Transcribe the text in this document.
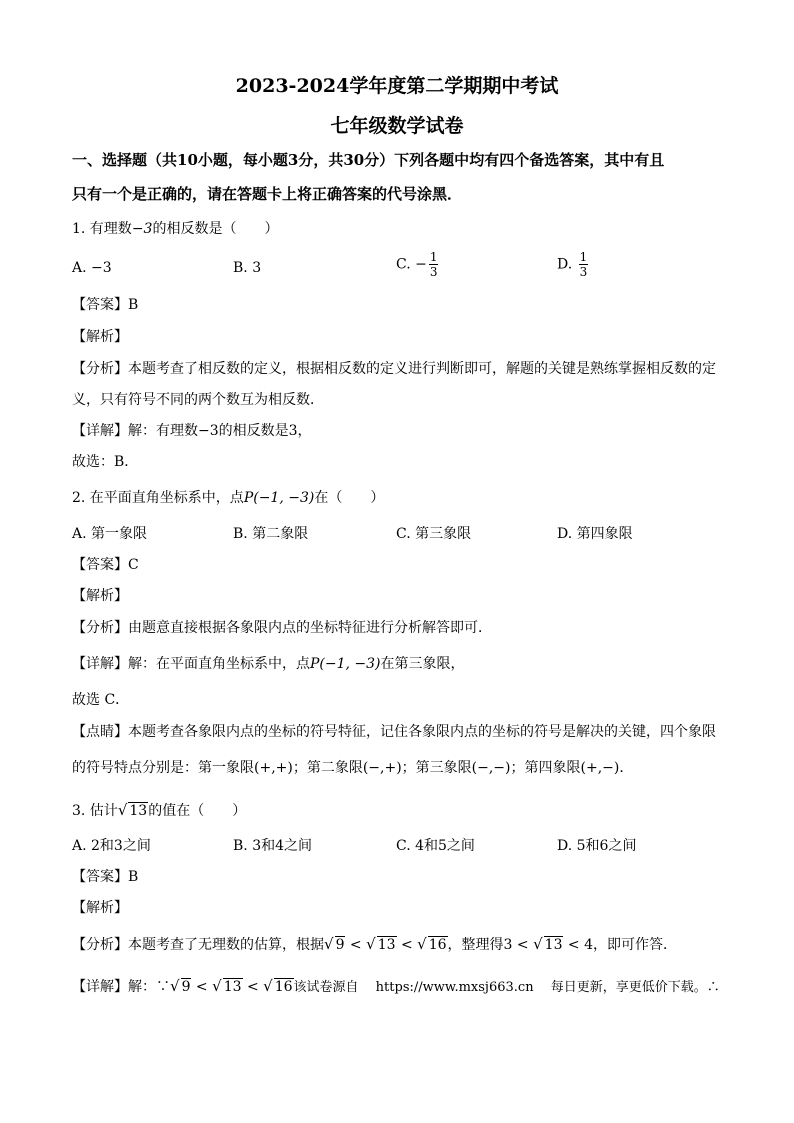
2023-2024学年度第二学期期中考试
七年级数学试卷
一、选择题（共10小题，每小题3分，共30分）下列各题中均有四个备选答案，其中有且
只有一个是正确的，请在答题卡上将正确答案的代号涂黑．
1. 有理数−3的相反数是（　　）
A. −3	B. 3	C. − $\frac{1}{3}$	D. $\frac{1}{3}$
【答案】B
【解析】
【分析】本题考查了相反数的定义，根据相反数的定义进行判断即可，解题的关键是熟练掌握相反数的定
义，只有符号不同的两个数互为相反数．
【详解】解：有理数−3的相反数是3，
故选：B．
2. 在平面直角坐标系中，点P(−1, −3)在（　　）
A. 第一象限	B. 第二象限	C. 第三象限	D. 第四象限
【答案】C
【解析】
【分析】由题意直接根据各象限内点的坐标特征进行分析解答即可．
【详解】解：在平面直角坐标系中，点P(−1, −3)在第三象限，
故选 C．
【点睛】本题考查各象限内点的坐标的符号特征，记住各象限内点的坐标的符号是解决的关键，四个象限
的符号特点分别是：第一象限(+,+)；第二象限(−,+)；第三象限(−,−)；第四象限(+,−)．
3. 估计√ 13的值在（　　）
A. 2和3之间	B. 3和4之间	C. 4和5之间	D. 5和6之间
【答案】B
【解析】
【分析】本题考查了无理数的估算，根据√ 9 < √ 13 < √ 16，整理得3 < √ 13 < 4，即可作答．
【详解】解：∵√ 9 < √ 13 < √ 16该试卷源自　 https://www.mxsj663.cn　 每日更新，享更低价下载。∴
